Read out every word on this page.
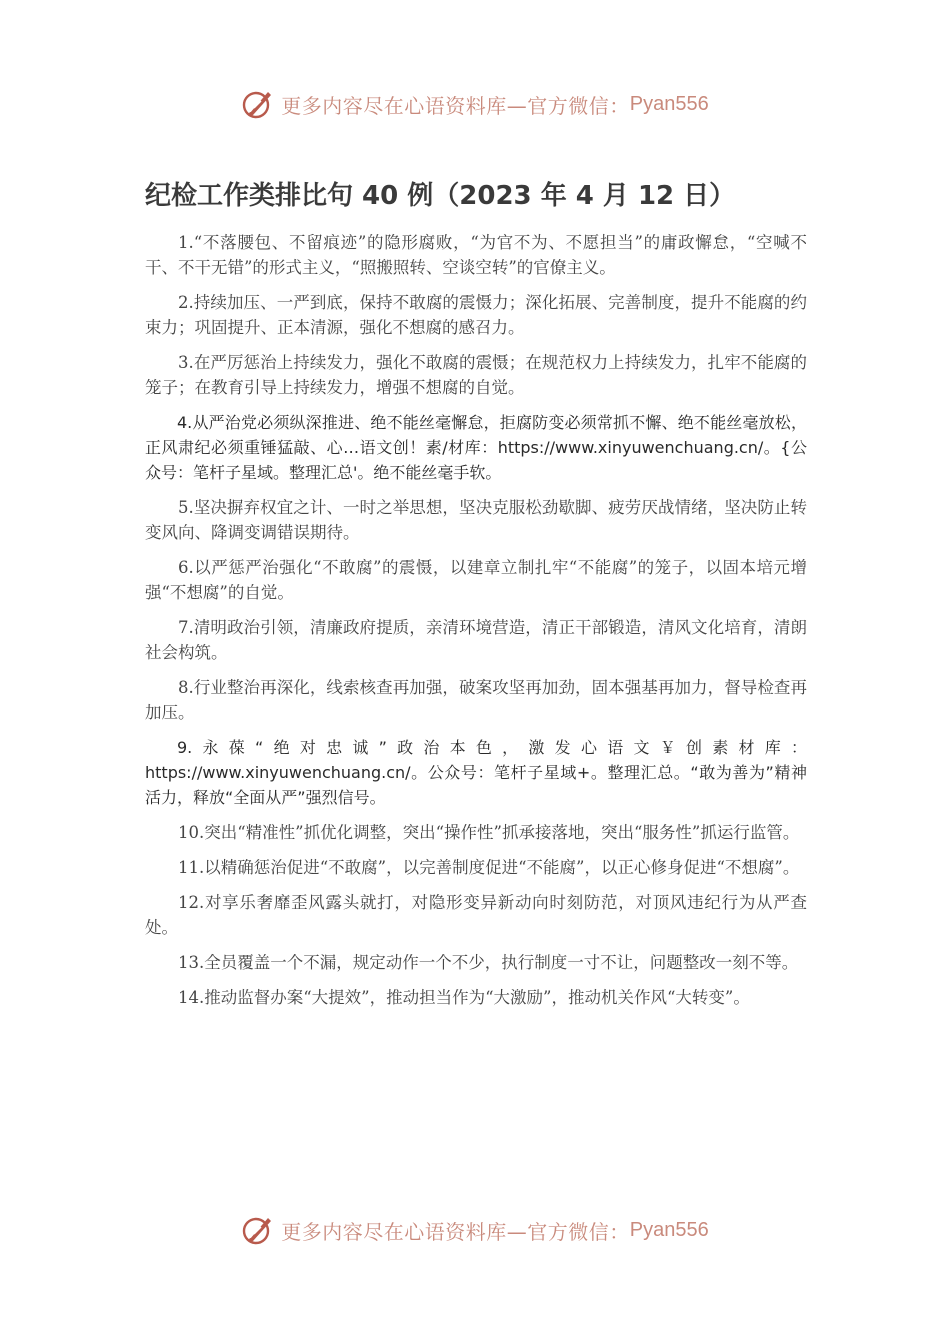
更多内容尽在心语资料库—官方微信： Pyan556
纪检工作类排比句 40 例（2023 年 4 月 12 日）

1.“不落腰包、不留痕迹”的隐形腐败，“为官不为、不愿担当”的庸政懈怠，“空喊不干、不干无错”的形式主义，“照搬照转、空谈空转”的官僚主义。

2.持续加压、一严到底，保持不敢腐的震慑力；深化拓展、完善制度，提升不能腐的约束力；巩固提升、正本清源，强化不想腐的感召力。

3.在严厉惩治上持续发力，强化不敢腐的震慑；在规范权力上持续发力，扎牢不能腐的笼子；在教育引导上持续发力，增强不想腐的自觉。

4.从严治党必须纵深推进、绝不能丝毫懈怠，拒腐防变必须常抓不懈、绝不能丝毫放松，正风肃纪必须重锤猛敲、心…语文创！素/材库：https://www.xinyuwenchuang.cn/。{公众号：笔杆子星域。整理汇总'。绝不能丝毫手软。

5.坚决摒弃权宜之计、一时之举思想，坚决克服松劲歇脚、疲劳厌战情绪，坚决防止转变风向、降调变调错误期待。

6.以严惩严治强化“不敢腐”的震慑，以建章立制扎牢“不能腐”的笼子，以固本培元增强“不想腐”的自觉。

7.清明政治引领，清廉政府提质，亲清环境营造，清正干部锻造，清风文化培育，清朗社会构筑。

8.行业整治再深化，线索核查再加强，破案攻坚再加劲，固本强基再加力，督导检查再加压。

9.永葆“绝对忠诚”政治本色，激发心语文￥创素材库：https://www.xinyuwenchuang.cn/。公众号：笔杆子星域+。整理汇总。“敢为善为”精神活力，释放“全面从严”强烈信号。

10.突出“精准性”抓优化调整，突出“操作性”抓承接落地，突出“服务性”抓运行监管。

11.以精确惩治促进“不敢腐”，以完善制度促进“不能腐”，以正心修身促进“不想腐”。

12.对享乐奢靡歪风露头就打，对隐形变异新动向时刻防范，对顶风违纪行为从严查处。

13.全员覆盖一个不漏，规定动作一个不少，执行制度一寸不让，问题整改一刻不等。

14.推动监督办案“大提效”，推动担当作为“大激励”，推动机关作风“大转变”。

更多内容尽在心语资料库—官方微信： Pyan556
